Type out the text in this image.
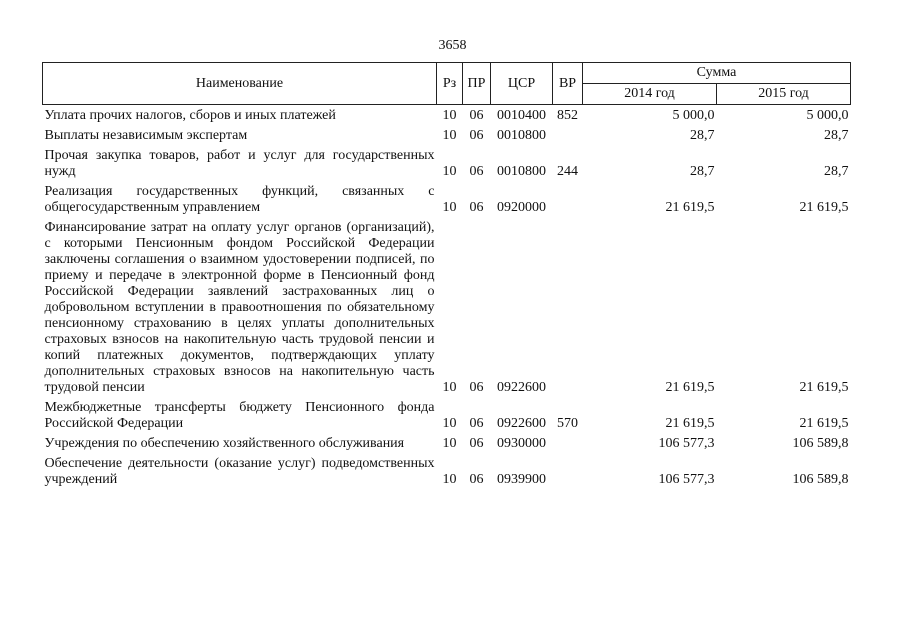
3658
Наименование	Рз	ПР	ЦСР	ВР	Сумма	
					2014 год	2015 год
Уплата прочих налогов, сборов и иных платежей	10	06	0010400	852	5 000,0	5 000,0
Выплаты независимым экспертам	10	06	0010800		28,7	28,7
Прочая закупка товаров, работ и услуг для государственных нужд	10	06	0010800	244	28,7	28,7
Реализация государственных функций, связанных с общегосударственным управлением	10	06	0920000		21 619,5	21 619,5
Финансирование затрат на оплату услуг органов (организаций), с которыми Пенсионным фондом Российской Федерации заключены соглашения о взаимном удостоверении подписей, по приему и передаче в электронной форме в Пенсионный фонд Российской Федерации заявлений застрахованных лиц о добровольном вступлении в правоотношения по обязательному пенсионному страхованию в целях уплаты дополнительных страховых взносов на накопительную часть трудовой пенсии и копий платежных документов, подтверждающих уплату дополнительных страховых взносов на накопительную часть трудовой пенсии	10	06	0922600		21 619,5	21 619,5
Межбюджетные трансферты бюджету Пенсионного фонда Российской Федерации	10	06	0922600	570	21 619,5	21 619,5
Учреждения по обеспечению хозяйственного обслуживания	10	06	0930000		106 577,3	106 589,8
Обеспечение деятельности (оказание услуг) подведомственных учреждений	10	06	0939900		106 577,3	106 589,8
